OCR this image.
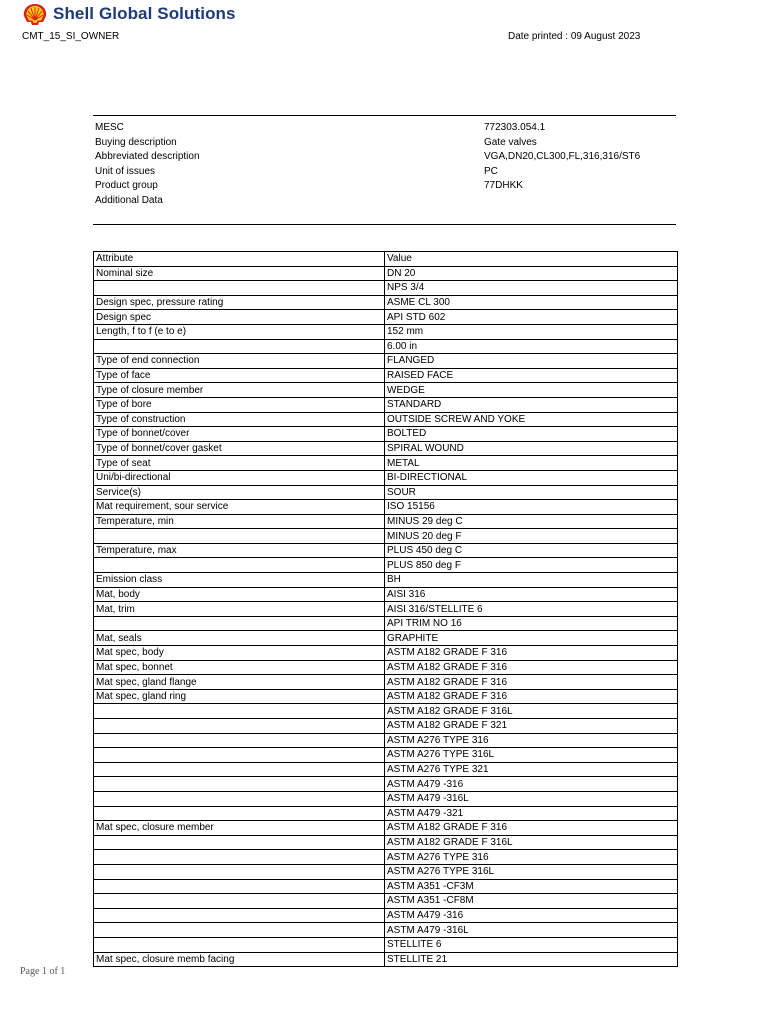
Shell Global Solutions
CMT_15_SI_OWNER	Date printed : 09 August 2023
MESC	772303.054.1
Buying description	Gate valves
Abbreviated description	VGA,DN20,CL300,FL,316,316/ST6
Unit of issues	PC
Product group	77DHKK
Additional Data
Attribute	Value
Nominal size	DN 20
	NPS 3/4
Design spec, pressure rating	ASME CL 300
Design spec	API STD 602
Length, f to f (e to e)	152 mm
	6.00 in
Type of end connection	FLANGED
Type of face	RAISED FACE
Type of closure member	WEDGE
Type of bore	STANDARD
Type of construction	OUTSIDE SCREW AND YOKE
Type of bonnet/cover	BOLTED
Type of bonnet/cover gasket	SPIRAL WOUND
Type of seat	METAL
Uni/bi-directional	BI-DIRECTIONAL
Service(s)	SOUR
Mat requirement, sour service	ISO 15156
Temperature, min	MINUS 29 deg C
	MINUS 20 deg F
Temperature, max	PLUS 450 deg C
	PLUS 850 deg F
Emission class	BH
Mat, body	AISI 316
Mat, trim	AISI 316/STELLITE 6
	API TRIM NO 16
Mat, seals	GRAPHITE
Mat spec, body	ASTM A182 GRADE F 316
Mat spec, bonnet	ASTM A182 GRADE F 316
Mat spec, gland flange	ASTM A182 GRADE F 316
Mat spec, gland ring	ASTM A182 GRADE F 316
	ASTM A182 GRADE F 316L
	ASTM A182 GRADE F 321
	ASTM A276 TYPE 316
	ASTM A276 TYPE 316L
	ASTM A276 TYPE 321
	ASTM A479 -316
	ASTM A479 -316L
	ASTM A479 -321
Mat spec, closure member	ASTM A182 GRADE F 316
	ASTM A182 GRADE F 316L
	ASTM A276 TYPE 316
	ASTM A276 TYPE 316L
	ASTM A351 -CF3M
	ASTM A351 -CF8M
	ASTM A479 -316
	ASTM A479 -316L
	STELLITE 6
Mat spec, closure memb facing	STELLITE 21
Page 1 of 1
